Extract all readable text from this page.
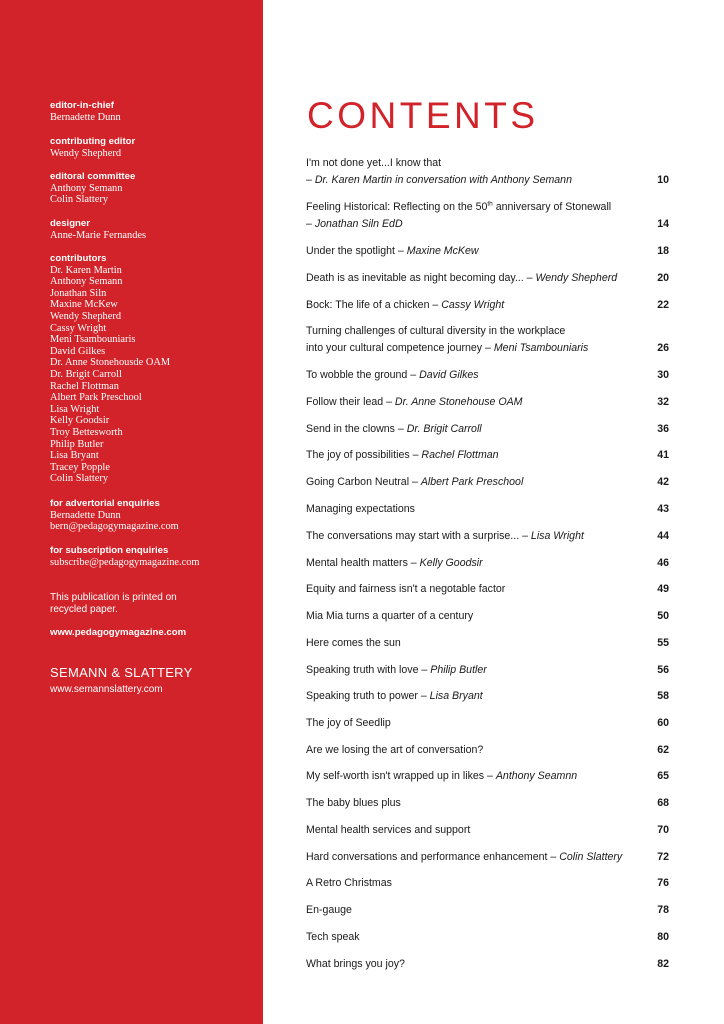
editor-in-chief
Bernadette Dunn
contributing editor
Wendy Shepherd
editoral committee
Anthony Semann
Colin Slattery
designer
Anne-Marie Fernandes
contributors
Dr. Karen Martin
Anthony Semann
Jonathan Siln
Maxine McKew
Wendy Shepherd
Cassy Wright
Meni Tsambouniaris
David Gilkes
Dr. Anne Stonehousde OAM
Dr. Brigit Carroll
Rachel Flottman
Albert Park Preschool
Lisa Wright
Kelly Goodsir
Troy Bettesworth
Philip Butler
Lisa Bryant
Tracey Popple
Colin Slattery
for advertorial enquiries
Bernadette Dunn
bern@pedagogymagazine.com
for subscription enquiries
subscribe@pedagogymagazine.com
This publication is printed on
recycled paper.
www.pedagogymagazine.com
SEMANN & SLATTERY
www.semannslattery.com
CONTENTS
I'm not done yet...I know that
– Dr. Karen Martin in conversation with Anthony Semann	10
Feeling Historical: Reflecting on the 50th anniversary of Stonewall
– Jonathan Siln EdD	14
Under the spotlight – Maxine McKew	18
Death is as inevitable as night becoming day... – Wendy Shepherd	20
Bock: The life of a chicken – Cassy Wright	22
Turning challenges of cultural diversity in the workplace
into your cultural competence journey – Meni Tsambouniaris	26
To wobble the ground – David Gilkes	30
Follow their lead – Dr. Anne Stonehouse OAM	32
Send in the clowns – Dr. Brigit Carroll	36
The joy of possibilities – Rachel Flottman	41
Going Carbon Neutral – Albert Park Preschool	42
Managing expectations	43
The conversations may start with a surprise... – Lisa Wright	44
Mental health matters – Kelly Goodsir	46
Equity and fairness isn't a negotable factor	49
Mia Mia turns a quarter of a century	50
Here comes the sun	55
Speaking truth with love – Philip Butler	56
Speaking truth to power – Lisa Bryant	58
The joy of Seedlip	60
Are we losing the art of conversation?	62
My self-worth isn't wrapped up in likes – Anthony Seamnn	65
The baby blues plus	68
Mental health services and support	70
Hard conversations and performance enhancement – Colin Slattery	72
A Retro Christmas	76
En-gauge	78
Tech speak	80
What brings you joy?	82
